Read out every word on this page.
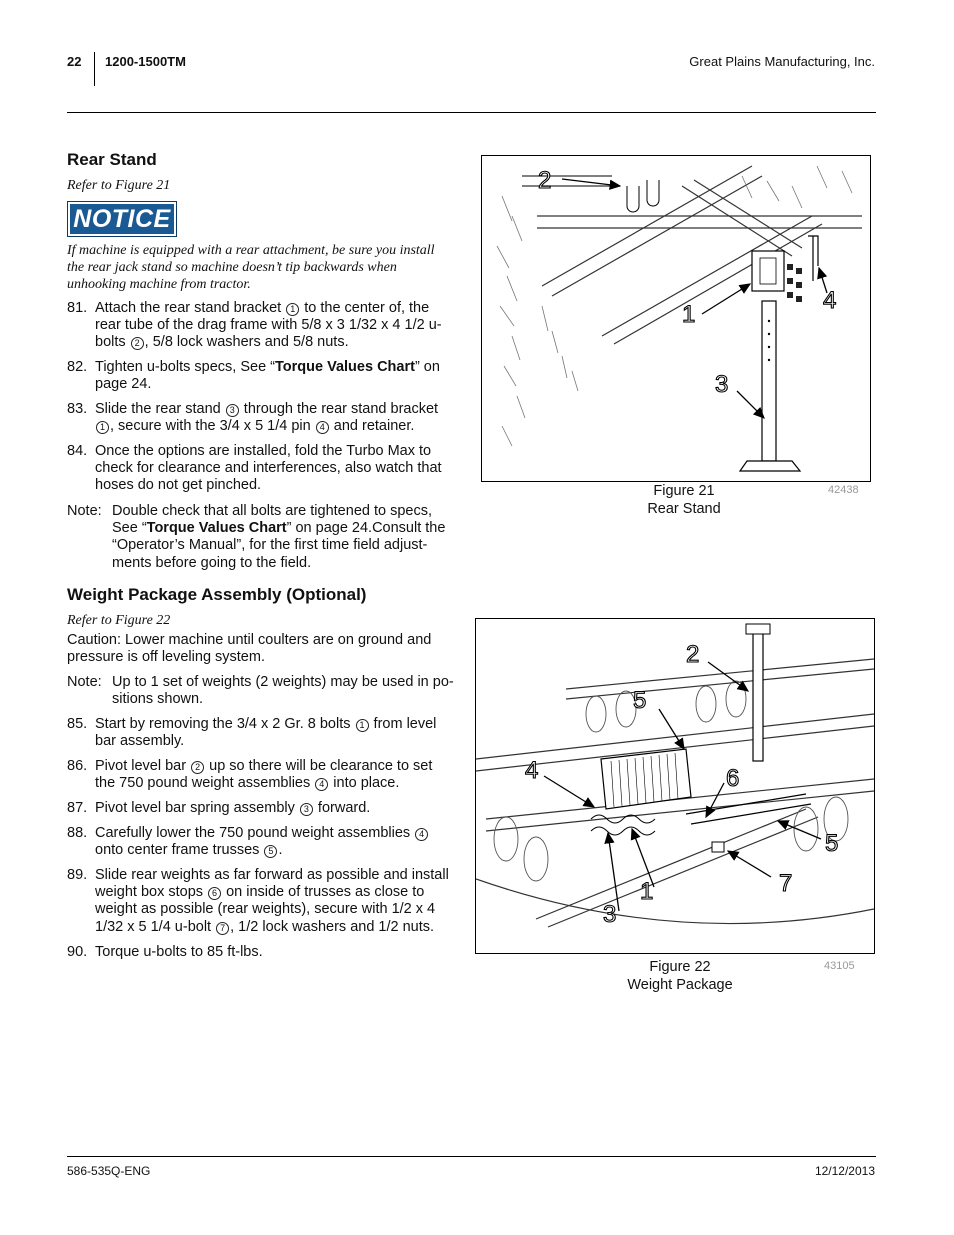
22 1200-1500TM	Great Plains Manufacturing, Inc.
Rear Stand
Refer to Figure 21
NOTICE
If machine is equipped with a rear attachment, be sure you install
the rear jack stand so machine doesn’t tip backwards when
unhooking machine from tractor.
81. Attach the rear stand bracket 1 to the center of, the
rear tube of the drag frame with 5/8 x 3 1/32 x 4 1/2 u-
bolts 2 , 5/8 lock washers and 5/8 nuts.
82. Tighten u-bolts specs, See “Torque Values Chart” on
page 24.
83. Slide the rear stand 3 through the rear stand bracket
1 , secure with the 3/4 x 5 1/4 pin 4 and retainer.
84. Once the options are installed, fold the Turbo Max to
check for clearance and interferences, also watch that
hoses do not get pinched.
Note: Double check that all bolts are tightened to specs,
See “Torque Values Chart” on page 24.Consult the
“Operator’s Manual”, for the first time field adjust-
ments before going to the field.
Weight Package Assembly (Optional)
Refer to Figure 22
Caution: Lower machine until coulters are on ground and
pressure is off leveling system.
Note: Up to 1 set of weights (2 weights) may be used in po-
sitions shown.
85. Start by removing the 3/4 x 2 Gr. 8 bolts 1 from level
bar assembly.
86. Pivot level bar 2 up so there will be clearance to set
the 750 pound weight assemblies 4 into place.
87. Pivot level bar spring assembly 3 forward.
88. Carefully lower the 750 pound weight assemblies 4
onto center frame trusses 5 .
89. Slide rear weights as far forward as possible and install
weight box stops 6 on inside of trusses as close to
weight as possible (rear weights), secure with 1/2 x 4
1/32 x 5 1/4 u-bolt 7 , 1/2 lock washers and 1/2 nuts.
90. Torque u-bolts to 85 ft-lbs.
2
1
4
3
Figure 21
Rear Stand
42438
2
5
4	6
5
7
1
3
Figure 22
Weight Package
43105
586-535Q-ENG	12/12/2013
